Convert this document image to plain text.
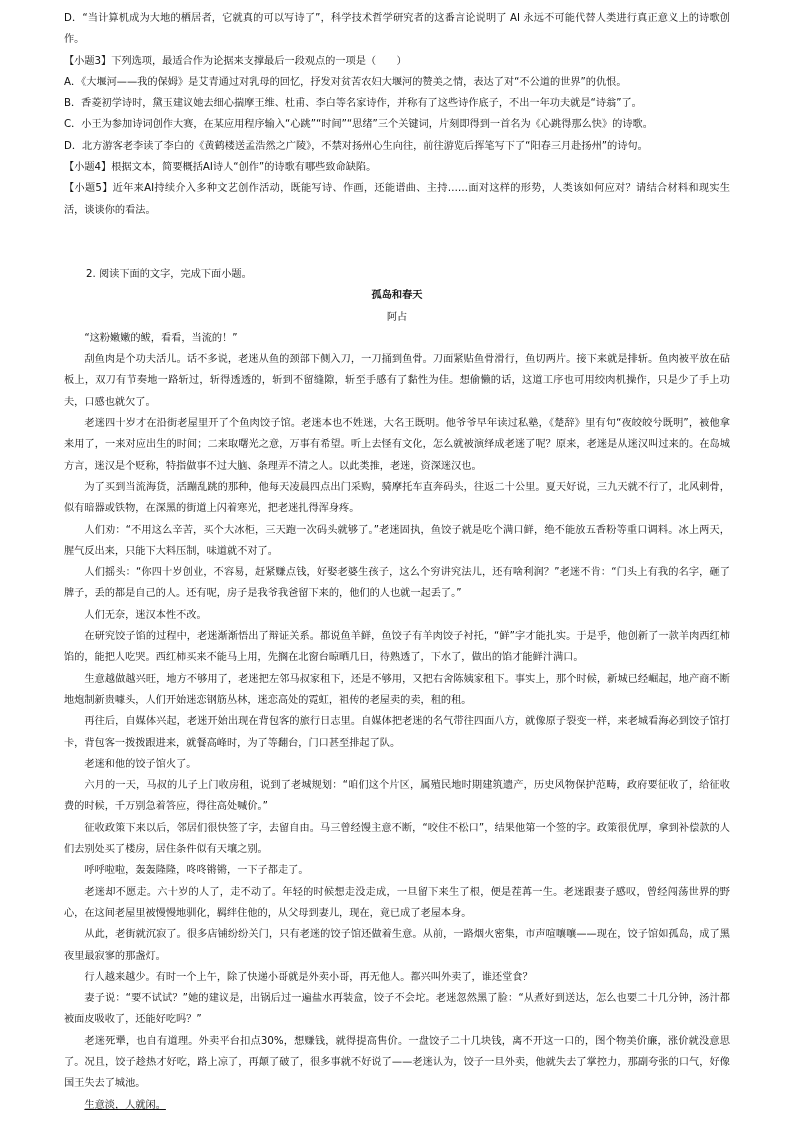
D．“当计算机成为大地的栖居者，它就真的可以写诗了”，科学技术哲学研究者的这番言论说明了 AI 永远不可能代替人类进行真正意义上的诗歌创作。

【小题3】下列选项，最适合作为论据来支撑最后一段观点的一项是（　　）

A．《大堰河——我的保姆》是艾青通过对乳母的回忆，抒发对贫苦农妇大堰河的赞美之情，表达了对“不公道的世界”的仇恨。

B．香菱初学诗时，黛玉建议她去细心揣摩王维、杜甫、李白等名家诗作，并称有了这些诗作底子，不出一年功夫就是“诗翁”了。

C．小王为参加诗词创作大赛，在某应用程序输入“心跳”“时间”“思绪”三个关键词，片刻即得到一首名为《心跳得那么快》的诗歌。

D．北方游客老李读了李白的《黄鹤楼送孟浩然之广陵》，不禁对扬州心生向往，前往游览后挥笔写下了“阳春三月赴扬州”的诗句。

【小题4】根据文本，简要概括AI诗人“创作”的诗歌有哪些致命缺陷。

【小题5】近年来AI持续介入多种文艺创作活动，既能写诗、作画，还能谱曲、主持……面对这样的形势，人类该如何应对？请结合材料和现实生活，谈谈你的看法。

2. 阅读下面的文字，完成下面小题。

孤岛和春天

阿占

“这粉嫩嫩的鲅，看看，当流的！”

刮鱼肉是个功夫活儿。话不多说，老迷从鱼的颈部下侧入刀，一刀捅到鱼骨。刀面紧贴鱼骨滑行，鱼切两片。接下来就是排斩。鱼肉被平放在砧板上，双刀有节奏地一路斩过，斩得透透的，斩到不留缝隙，斩至手感有了黏性为佳。想偷懒的话，这道工序也可用绞肉机操作，只是少了手上功夫，口感也就欠了。

老迷四十岁才在沿街老屋里开了个鱼肉饺子馆。老迷本也不姓迷，大名王既明。他爷爷早年读过私塾，《楚辞》里有句“夜皎皎兮既明”，被他拿来用了，一来对应出生的时间；二来取曙光之意，万事有希望。听上去怪有文化，怎么就被演绎成老迷了呢？原来，老迷是从迷汉叫过来的。在岛城方言，迷汉是个贬称，特指做事不过大脑、条理弄不清之人。以此类推，老迷，资深迷汉也。

为了买到当流海货，活蹦乱跳的那种，他每天凌晨四点出门采购，骑摩托车直奔码头，往返二十公里。夏天好说，三九天就不行了，北风剌骨，似有暗器或铁物，在深黑的街道上闪着寒光，把老迷扎得浑身疼。

人们劝：“不用这么辛苦，买个大冰柜，三天跑一次码头就够了。”老迷固执，鱼饺子就是吃个满口鲜，绝不能放五香粉等重口调料。冰上两天，腥气反出来，只能下大料压制，味道就不对了。

人们摇头：“你四十岁创业，不容易，赶紧赚点钱，好娶老婆生孩子，这么个穷讲究法儿，还有啥利润？”老迷不肯：“门头上有我的名字，砸了牌子，丢的都是自己的人。还有呢，房子是我爷我爸留下来的，他们的人也就一起丢了。”

人们无奈，迷汉本性不改。

在研究饺子馅的过程中，老迷渐渐悟出了辩证关系。都说鱼羊鲜，鱼饺子有羊肉饺子衬托，“鲜”字才能扎实。于是乎，他创新了一款羊肉西红柿馅的，能把人吃哭。西红柿买来不能马上用，先搁在北窗台晾晒几日，待熟透了，下水了，做出的馅才能鲜汁满口。

生意越做越兴旺，地方不够用了，老迷把左邻马叔家租下，还是不够用，又把右舍陈姨家租下。事实上，那个时候，新城已经崛起，地产商不断地炮制新贵噱头，人们开始迷恋钢筋丛林，迷恋高处的霓虹，祖传的老屋卖的卖，租的租。

再往后，自媒体兴起，老迷开始出现在背包客的旅行日志里。自媒体把老迷的名气带往四面八方，就像原子裂变一样，来老城看海必到饺子馆打卡，背包客一拨拨跟进来，就餐高峰时，为了等翻台，门口甚至排起了队。

老迷和他的饺子馆火了。

六月的一天，马叔的儿子上门收房租，说到了老城规划：“咱们这个片区，属殖民地时期建筑遗产，历史风物保护范畴，政府要征收了，给征收费的时候，千万别急着答应，得往高处喊价。”

征收政策下来以后，邻居们很快签了字，去留自由。马三曾经馒主意不断，“咬住不松口”，结果他第一个签的字。政策很优厚，拿到补偿款的人们去别处买了楼房，居住条件似有天壤之别。

呼呼啦啦，轰轰隆隆，咚咚锵锵，一下子都走了。

老迷却不愿走。六十岁的人了，走不动了。年轻的时候想走没走成，一旦留下来生了根，便是茬苒一生。老迷跟妻子感叹，曾经闯荡世界的野心，在这间老屋里被慢慢地驯化，羁绊住他的，从父母到妻儿，现在，竟已成了老屋本身。

从此，老街就沉寂了。很多店铺纷纷关门，只有老迷的饺子馆还做着生意。从前，一路烟火密集，市声喧嚷嚷——现在，饺子馆如孤岛，成了黑夜里最寂寥的那盏灯。

行人越来越少。有时一个上午，除了快递小哥就是外卖小哥，再无他人。都兴叫外卖了，谁还堂食？

妻子说：“要不试试？”她的建议是，出锅后过一遍盐水再装盒，饺子不会坨。老迷忽然黑了脸：“从煮好到送达，怎么也要二十几分钟，汤汁都被面皮吸收了，还能好吃吗？”

老迷死犟，也自有道理。外卖平台扣点30%，想赚钱，就得提高售价。一盘饺子二十几块钱，离不开这一口的，图个物美价廉，涨价就没意思了。况且，饺子趁热才好吃，路上凉了，再颠了破了，很多事就不好说了——老迷认为，饺子一旦外卖，他就失去了掌控力，那副夸张的口气，好像国王失去了城池。

生意淡，人就闲。
